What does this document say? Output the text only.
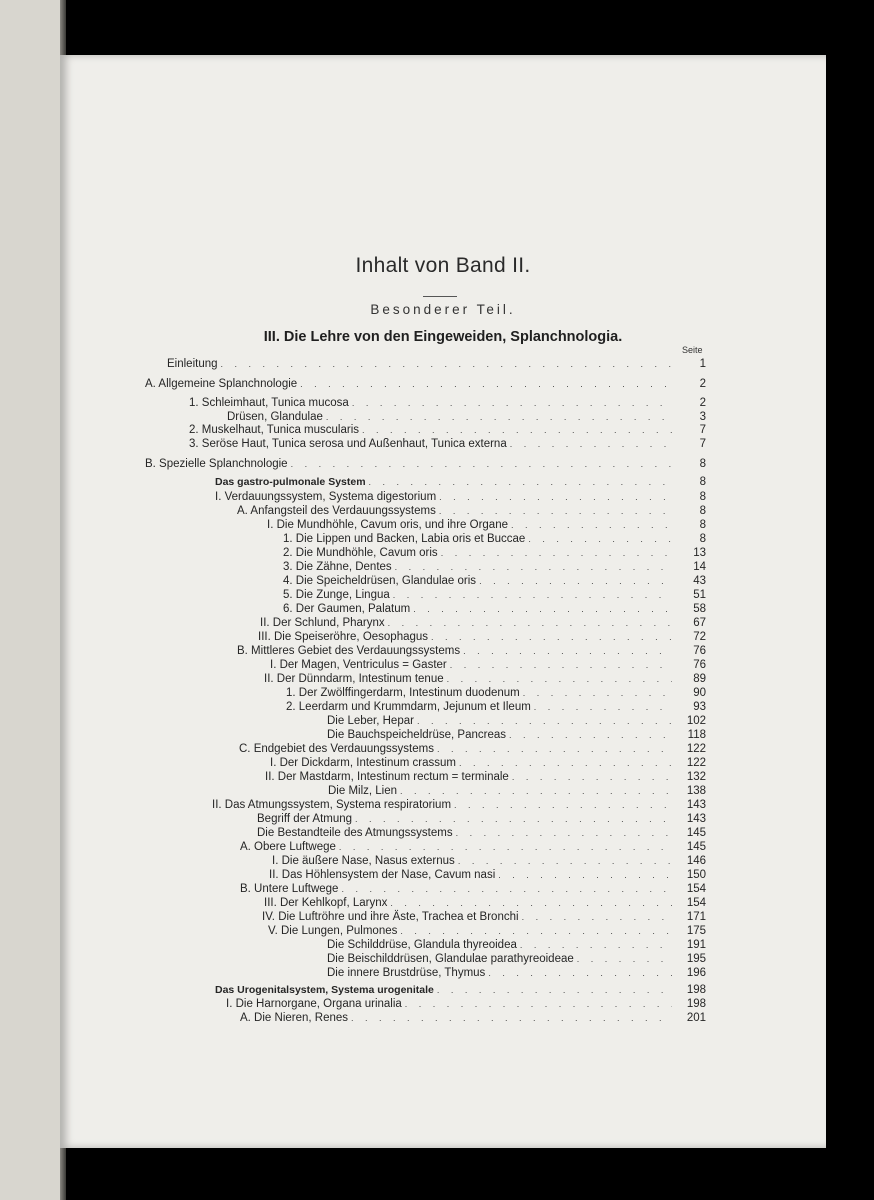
Inhalt von Band II.
Besonderer Teil.
III. Die Lehre von den Eingeweiden, Splanchnologia.
Seite
Einleitung . . .	1
A. Allgemeine Splanchnologie . . .	2
1. Schleimhaut, Tunica mucosa . . .	2
Drüsen, Glandulae . . .	3
2. Muskelhaut, Tunica muscularis . . .	7
3. Seröse Haut, Tunica serosa und Außenhaut, Tunica externa . . .	7
B. Spezielle Splanchnologie . . .	8
Das gastro-pulmonale System . . .	8
I. Verdauungssystem, Systema digestorium . . .	8
A. Anfangsteil des Verdauungssystems . . .	8
I. Die Mundhöhle, Cavum oris, und ihre Organe . . .	8
1. Die Lippen und Backen, Labia oris et Buccae . . .	8
2. Die Mundhöhle, Cavum oris . . .	13
3. Die Zähne, Dentes . . .	14
4. Die Speicheldrüsen, Glandulae oris . . .	43
5. Die Zunge, Lingua . . .	51
6. Der Gaumen, Palatum . . .	58
II. Der Schlund, Pharynx . . .	67
III. Die Speiseröhre, Oesophagus . . .	72
B. Mittleres Gebiet des Verdauungssystems . . .	76
I. Der Magen, Ventriculus = Gaster . . .	76
II. Der Dünndarm, Intestinum tenue . . .	89
1. Der Zwölffingerdarm, Intestinum duodenum . . .	90
2. Leerdarm und Krummdarm, Jejunum et Ileum . . .	93
Die Leber, Hepar . . .	102
Die Bauchspeicheldrüse, Pancreas . . .	118
C. Endgebiet des Verdauungssystems . . .	122
I. Der Dickdarm, Intestinum crassum . . .	122
II. Der Mastdarm, Intestinum rectum = terminale . . .	132
Die Milz, Lien . . .	138
II. Das Atmungssystem, Systema respiratorium . . .	143
Begriff der Atmung . . .	143
Die Bestandteile des Atmungssystems . . .	145
A. Obere Luftwege . . .	145
I. Die äußere Nase, Nasus externus . . .	146
II. Das Höhlensystem der Nase, Cavum nasi . . .	150
B. Untere Luftwege . . .	154
III. Der Kehlkopf, Larynx . . .	154
IV. Die Luftröhre und ihre Äste, Trachea et Bronchi . . .	171
V. Die Lungen, Pulmones . . .	175
Die Schilddrüse, Glandula thyreoidea . . .	191
Die Beischilddrüsen, Glandulae parathyreoideae . . .	195
Die innere Brustdrüse, Thymus . . .	196
Das Urogenitalsystem, Systema urogenitale . . .	198
I. Die Harnorgane, Organa urinalia . . .	198
A. Die Nieren, Renes . . .	201
